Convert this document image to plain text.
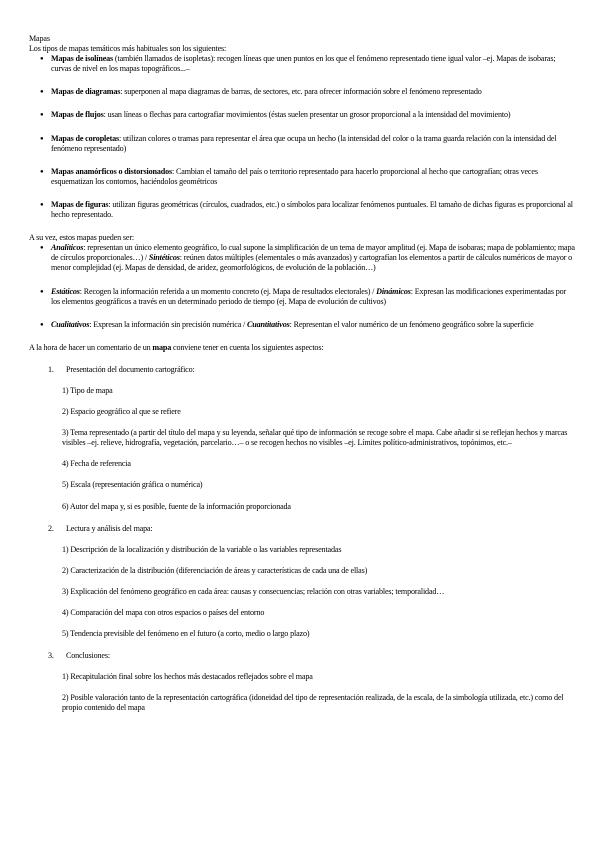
Mapas

Los tipos de mapas temáticos más habituales son los siguientes:

● Mapas de isolíneas (también llamados de isopletas): recogen líneas que unen puntos en los que el fenómeno representado tiene igual valor –ej. Mapas de isobaras; curvas de nivel en los mapas topográficos...–
● Mapas de diagramas: superponen al mapa diagramas de barras, de sectores, etc. para ofrecer información sobre el fenómeno representado
● Mapas de flujos: usan líneas o flechas para cartografiar movimientos (éstas suelen presentar un grosor proporcional a la intensidad del movimiento)
● Mapas de coropletas: utilizan colores o tramas para representar el área que ocupa un hecho (la intensidad del color o la trama guarda relación con la intensidad del fenómeno representado)
● Mapas anamórficos o distorsionados: Cambian el tamaño del país o territorio representado para hacerlo proporcional al hecho que cartografían; otras veces esquematizan los contornos, haciéndolos geométricos
● Mapas de figuras: utilizan figuras geométricas (círculos, cuadrados, etc.) o símbolos para localizar fenómenos puntuales. El tamaño de dichas figuras es proporcional al hecho representado.

A su vez, estos mapas pueden ser:

● Analíticos: representan un único elemento geográfico, lo cual supone la simplificación de un tema de mayor amplitud (ej. Mapa de isobaras; mapa de poblamiento; mapa de círculos proporcionales…) / Sintéticos: reúnen datos múltiples (elementales o más avanzados) y cartografían los elementos a partir de cálculos numéricos de mayor o menor complejidad (ej. Mapas de densidad, de aridez, geomorfológicos, de evolución de la población…)
● Estáticos: Recogen la información referida a un momento concreto (ej. Mapa de resultados electorales) / Dinámicos: Expresan las modificaciones experimentadas por los elementos geográficos a través en un determinado periodo de tiempo (ej. Mapa de evolución de cultivos)
● Cualitativos: Expresan la información sin precisión numérica / Cuantitativos: Representan el valor numérico de un fenómeno geográfico sobre la superficie

A la hora de hacer un comentario de un mapa conviene tener en cuenta los siguientes aspectos:

1.	Presentación del documento cartográfico:

1) Tipo de mapa

2) Espacio geográfico al que se refiere

3) Tema representado (a partir del título del mapa y su leyenda, señalar qué tipo de información se recoge sobre el mapa. Cabe añadir si se reflejan hechos y marcas visibles –ej. relieve, hidrografía, vegetación, parcelario…– o se recogen hechos no visibles –ej. Límites político-administrativos, topónimos, etc.–

4) Fecha de referencia

5) Escala (representación gráfica o numérica)

6) Autor del mapa y, si es posible, fuente de la información proporcionada

2.	Lectura y análisis del mapa:

1) Descripción de la localización y distribución de la variable o las variables representadas

2) Caracterización de la distribución (diferenciación de áreas y características de cada una de ellas)

3) Explicación del fenómeno geográfico en cada área: causas y consecuencias; relación con otras variables; temporalidad…

4) Comparación del mapa con otros espacios o países del entorno

5) Tendencia previsible del fenómeno en el futuro (a corto, medio o largo plazo)

3.	Conclusiones:

1) Recapitulación final sobre los hechos más destacados reflejados sobre el mapa

2) Posible valoración tanto de la representación cartográfica (idoneidad del tipo de representación realizada, de la escala, de la simbología utilizada, etc.) como del propio contenido del mapa
